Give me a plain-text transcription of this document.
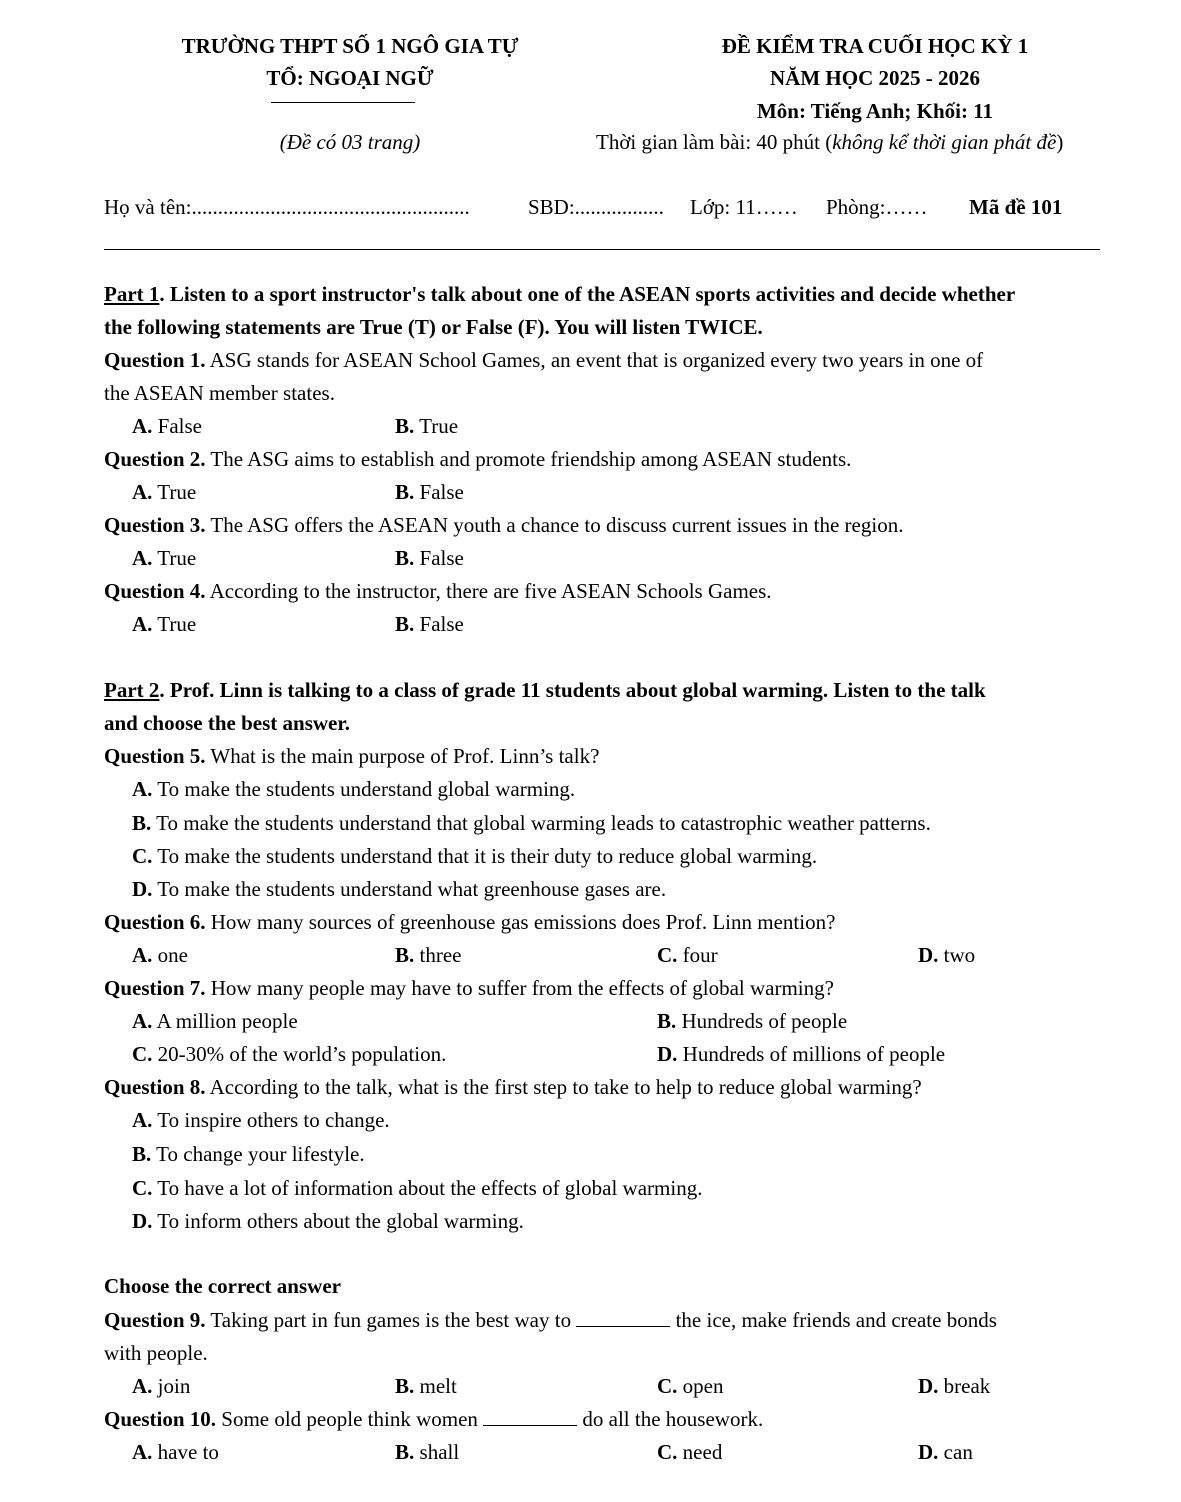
TRƯỜNG THPT SỐ 1 NGÔ GIA TỰ
TỔ: NGOẠI NGỮ
(Đề có 03 trang)
ĐỀ KIỂM TRA CUỐI HỌC KỲ 1
NĂM HỌC 2025 - 2026
Môn: Tiếng Anh; Khối: 11
Thời gian làm bài: 40 phút (không kể thời gian phát đề)
Họ và tên:.....................................................	SBD:................. Lớp: 11…… Phòng:…… Mã đề 101
Part 1. Listen to a sport instructor's talk about one of the ASEAN sports activities and decide whether
the following statements are True (T) or False (F). You will listen TWICE.
Question 1. ASG stands for ASEAN School Games, an event that is organized every two years in one of
the ASEAN member states.
A. False	B. True
Question 2. The ASG aims to establish and promote friendship among ASEAN students.
A. True	B. False
Question 3. The ASG offers the ASEAN youth a chance to discuss current issues in the region.
A. True	B. False
Question 4. According to the instructor, there are five ASEAN Schools Games.
A. True	B. False
Part 2. Prof. Linn is talking to a class of grade 11 students about global warming. Listen to the talk
and choose the best answer.
Question 5. What is the main purpose of Prof. Linn’s talk?
A. To make the students understand global warming.
B. To make the students understand that global warming leads to catastrophic weather patterns.
C. To make the students understand that it is their duty to reduce global warming.
D. To make the students understand what greenhouse gases are.
Question 6. How many sources of greenhouse gas emissions does Prof. Linn mention?
A. one	B. three	C. four	D. two
Question 7. How many people may have to suffer from the effects of global warming?
A. A million people	B. Hundreds of people
C. 20-30% of the world’s population.	D. Hundreds of millions of people
Question 8. According to the talk, what is the first step to take to help to reduce global warming?
A. To inspire others to change.
B. To change your lifestyle.
C. To have a lot of information about the effects of global warming.
D. To inform others about the global warming.
Choose the correct answer
Question 9. Taking part in fun games is the best way to	the ice, make friends and create bonds
with people.
A. join	B. melt	C. open	D. break
Question 10. Some old people think women	do all the housework.
A. have to	B. shall	C. need	D. can
